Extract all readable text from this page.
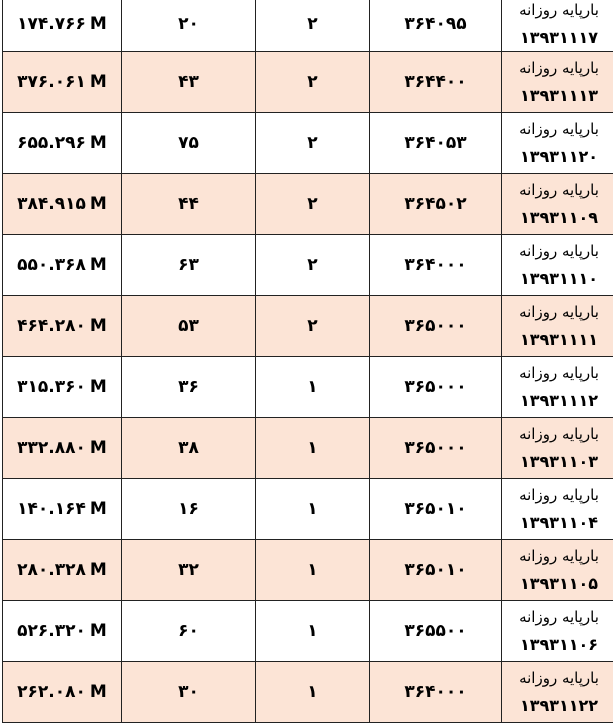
۱۷۴.۷۶۶ M	۲۰	۲	۳۶۴۰۹۵	بارپایه روزانه
۱۳۹۳۱۱۱۷

۳۷۶.۰۶۱ M	۴۳	۲	۳۶۴۴۰۰	بارپایه روزانه
۱۳۹۳۱۱۱۳

۶۵۵.۲۹۶ M	۷۵	۲	۳۶۴۰۵۳	بارپایه روزانه
۱۳۹۳۱۱۲۰

۳۸۴.۹۱۵ M	۴۴	۲	۳۶۴۵۰۲	بارپایه روزانه
۱۳۹۳۱۱۰۹

۵۵۰.۳۶۸ M	۶۳	۲	۳۶۴۰۰۰	بارپایه روزانه
۱۳۹۳۱۱۱۰

۴۶۴.۲۸۰ M	۵۳	۲	۳۶۵۰۰۰	بارپایه روزانه
۱۳۹۳۱۱۱۱

۳۱۵.۳۶۰ M	۳۶	۱	۳۶۵۰۰۰	بارپایه روزانه
۱۳۹۳۱۱۱۲

۳۳۲.۸۸۰ M	۳۸	۱	۳۶۵۰۰۰	بارپایه روزانه
۱۳۹۳۱۱۰۳

۱۴۰.۱۶۴ M	۱۶	۱	۳۶۵۰۱۰	بارپایه روزانه
۱۳۹۳۱۱۰۴

۲۸۰.۳۲۸ M	۳۲	۱	۳۶۵۰۱۰	بارپایه روزانه
۱۳۹۳۱۱۰۵

۵۲۶.۳۲۰ M	۶۰	۱	۳۶۵۵۰۰	بارپایه روزانه
۱۳۹۳۱۱۰۶

۲۶۲.۰۸۰ M	۳۰	۱	۳۶۴۰۰۰	بارپایه روزانه
۱۳۹۳۱۱۲۲
